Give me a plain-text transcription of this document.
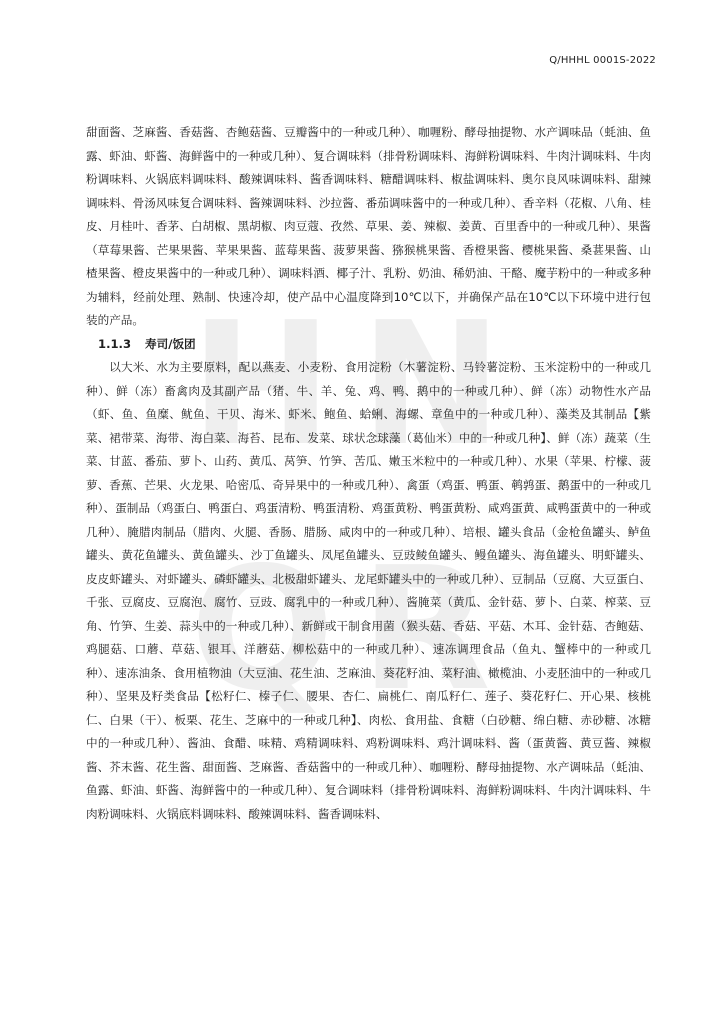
Q/HHHL 0001S-2022
H N
Q R

甜面酱、芝麻酱、香菇酱、杏鲍菇酱、豆瓣酱中的一种或几种）、咖喱粉、酵母抽提物、水产调味品（蚝油、鱼露、虾油、虾酱、海鲜酱中的一种或几种）、复合调味料（排骨粉调味料、海鲜粉调味料、牛肉汁调味料、牛肉粉调味料、火锅底料调味料、酸辣调味料、酱香调味料、糖醋调味料、椒盐调味料、奥尔良风味调味料、甜辣调味料、骨汤风味复合调味料、酱辣调味料、沙拉酱、番茄调味酱中的一种或几种）、香辛料（花椒、八角、桂皮、月桂叶、香茅、白胡椒、黑胡椒、肉豆蔻、孜然、草果、姜、辣椒、姜黄、百里香中的一种或几种）、果酱（草莓果酱、芒果果酱、苹果果酱、蓝莓果酱、菠萝果酱、猕猴桃果酱、香橙果酱、樱桃果酱、桑葚果酱、山楂果酱、橙皮果酱中的一种或几种）、调味料酒、椰子汁、乳粉、奶油、稀奶油、干酪、魔芋粉中的一种或多种为辅料，经前处理、熟制、快速冷却，使产品中心温度降到10℃以下，并确保产品在10℃以下环境中进行包装的产品。

1.1.3 寿司/饭团

以大米、水为主要原料，配以燕麦、小麦粉、食用淀粉（木薯淀粉、马铃薯淀粉、玉米淀粉中的一种或几种）、鲜（冻）畜禽肉及其副产品（猪、牛、羊、兔、鸡、鸭、鹅中的一种或几种）、鲜（冻）动物性水产品（虾、鱼、鱼糜、鱿鱼、干贝、海米、虾米、鲍鱼、蛤蜊、海螺、章鱼中的一种或几种）、藻类及其制品【紫菜、裙带菜、海带、海白菜、海苔、昆布、发菜、球状念球藻（葛仙米）中的一种或几种】、鲜（冻）蔬菜（生菜、甘蓝、番茄、萝卜、山药、黄瓜、莴笋、竹笋、苦瓜、嫩玉米粒中的一种或几种）、水果（苹果、柠檬、菠萝、香蕉、芒果、火龙果、哈密瓜、奇异果中的一种或几种）、禽蛋（鸡蛋、鸭蛋、鹌鹑蛋、鹅蛋中的一种或几种）、蛋制品（鸡蛋白、鸭蛋白、鸡蛋清粉、鸭蛋清粉、鸡蛋黄粉、鸭蛋黄粉、咸鸡蛋黄、咸鸭蛋黄中的一种或几种）、腌腊肉制品（腊肉、火腿、香肠、腊肠、咸肉中的一种或几种）、培根、罐头食品（金枪鱼罐头、鲈鱼罐头、黄花鱼罐头、黄鱼罐头、沙丁鱼罐头、凤尾鱼罐头、豆豉鲮鱼罐头、鳗鱼罐头、海鱼罐头、明虾罐头、皮皮虾罐头、对虾罐头、磷虾罐头、北极甜虾罐头、龙尾虾罐头中的一种或几种）、豆制品（豆腐、大豆蛋白、千张、豆腐皮、豆腐泡、腐竹、豆豉、腐乳中的一种或几种）、酱腌菜（黄瓜、金针菇、萝卜、白菜、榨菜、豆角、竹笋、生姜、蒜头中的一种或几种）、新鲜或干制食用菌（猴头菇、香菇、平菇、木耳、金针菇、杏鲍菇、鸡腿菇、口蘑、草菇、银耳、洋蘑菇、柳松菇中的一种或几种）、速冻调理食品（鱼丸、蟹棒中的一种或几种）、速冻油条、食用植物油（大豆油、花生油、芝麻油、葵花籽油、菜籽油、橄榄油、小麦胚油中的一种或几种）、坚果及籽类食品【松籽仁、榛子仁、腰果、杏仁、扁桃仁、南瓜籽仁、莲子、葵花籽仁、开心果、核桃仁、白果（干）、板栗、花生、芝麻中的一种或几种】、肉松、食用盐、食糖（白砂糖、绵白糖、赤砂糖、冰糖中的一种或几种）、酱油、食醋、味精、鸡精调味料、鸡粉调味料、鸡汁调味料、酱（蛋黄酱、黄豆酱、辣椒酱、芥末酱、花生酱、甜面酱、芝麻酱、香菇酱中的一种或几种）、咖喱粉、酵母抽提物、水产调味品（蚝油、鱼露、虾油、虾酱、海鲜酱中的一种或几种）、复合调味料（排骨粉调味料、海鲜粉调味料、牛肉汁调味料、牛肉粉调味料、火锅底料调味料、酸辣调味料、酱香调味料、
